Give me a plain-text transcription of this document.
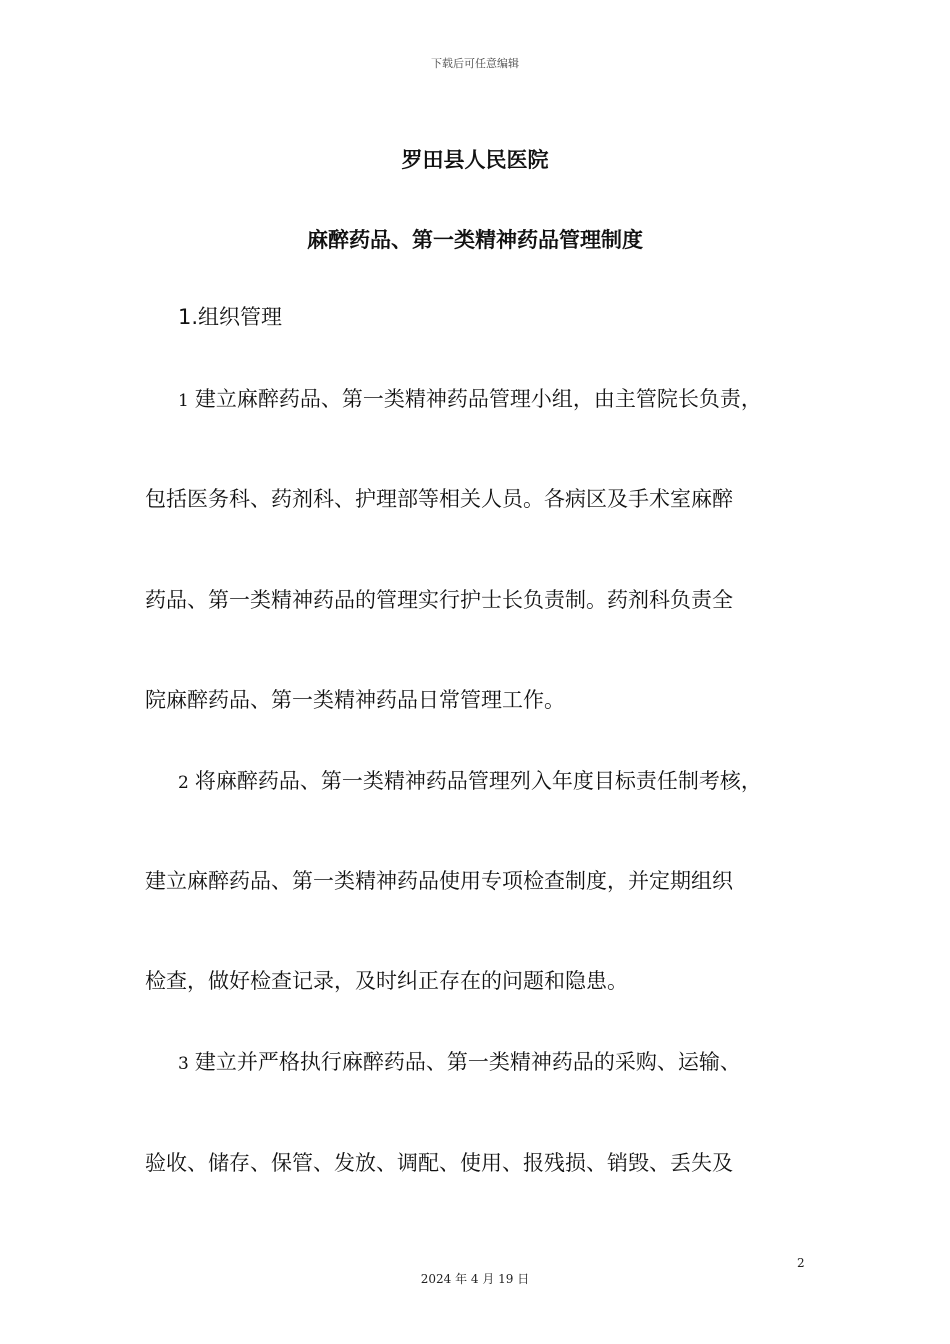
下载后可任意编辑
罗田县人民医院
麻醉药品、第一类精神药品管理制度
1.组织管理
1 建立麻醉药品、第一类精神药品管理小组，由主管院长负责，
包括医务科、药剂科、护理部等相关人员。各病区及手术室麻醉
药品、第一类精神药品的管理实行护士长负责制。药剂科负责全
院麻醉药品、第一类精神药品日常管理工作。
2 将麻醉药品、第一类精神药品管理列入年度目标责任制考核，
建立麻醉药品、第一类精神药品使用专项检查制度，并定期组织
检查，做好检查记录，及时纠正存在的问题和隐患。
3 建立并严格执行麻醉药品、第一类精神药品的采购、运输、
验收、储存、保管、发放、调配、使用、报残损、销毁、丢失及
2
2024 年 4 月 19 日
